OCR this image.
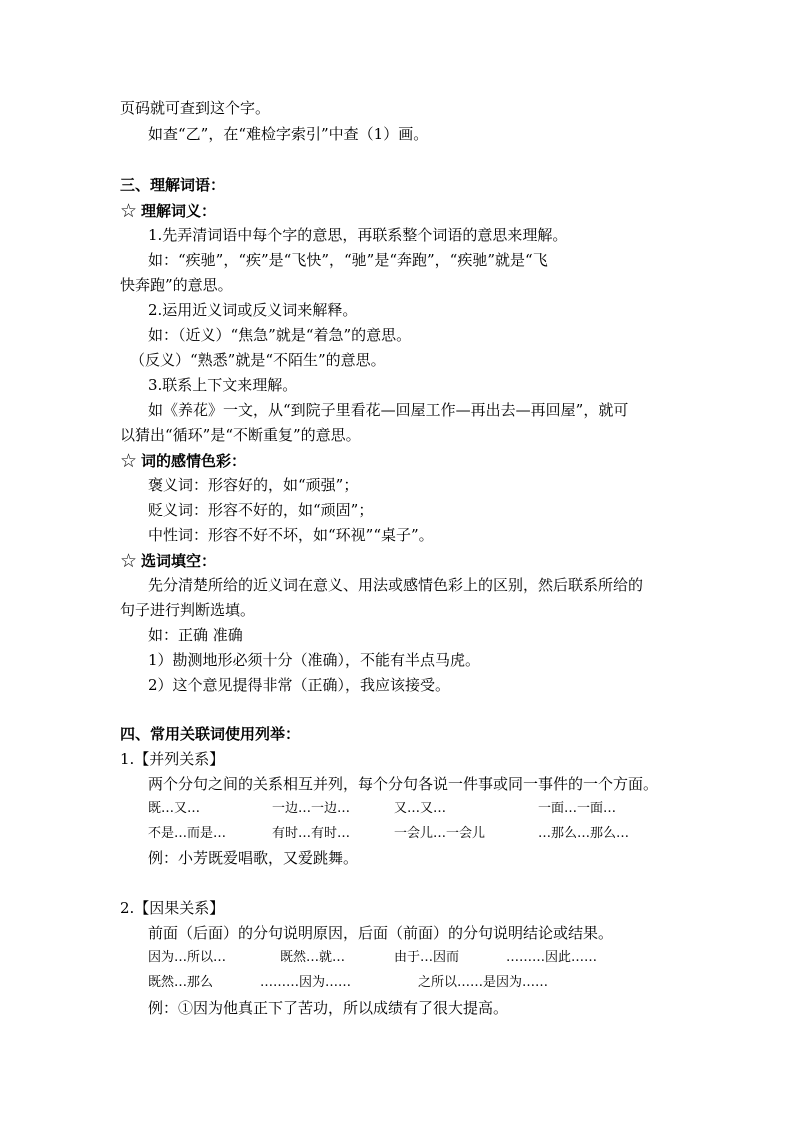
页码就可查到这个字。
如查“乙”，在“难检字索引”中查（1）画。
三、理解词语：
☆ 理解词义：
1.先弄清词语中每个字的意思，再联系整个词语的意思来理解。
如：“疾驰”，“疾”是“飞快”，“驰”是“奔跑”，“疾驰”就是“飞
快奔跑”的意思。
2.运用近义词或反义词来解释。
如：（近义）“焦急”就是“着急”的意思。
（反义）“熟悉”就是“不陌生”的意思。
3.联系上下文来理解。
如《养花》一文，从“到院子里看花—回屋工作—再出去—再回屋”，就可
以猜出“循环”是“不断重复”的意思。
☆ 词的感情色彩：
褒义词：形容好的，如“顽强”；
贬义词：形容不好的，如“顽固”；
中性词：形容不好不坏，如“环视”“桌子”。
☆ 选词填空：
先分清楚所给的近义词在意义、用法或感情色彩上的区别，然后联系所给的
句子进行判断选填。
如：正确 准确
1）勘测地形必须十分（准确），不能有半点马虎。
2）这个意见提得非常（正确），我应该接受。
四、常用关联词使用列举：
1.【并列关系】
两个分句之间的关系相互并列，每个分句各说一件事或同一事件的一个方面。
既…又…	一边…一边…	又…又…	一面…一面…
不是…而是…	有时…有时…	一会儿…一会儿	…那么…那么…
例：小芳既爱唱歌，又爱跳舞。
2.【因果关系】
前面（后面）的分句说明原因，后面（前面）的分句说明结论或结果。
因为…所以…	既然…就…	由于…因而	………因此……
既然…那么	………因为……	之所以……是因为……
例：①因为他真正下了苦功，所以成绩有了很大提高。
